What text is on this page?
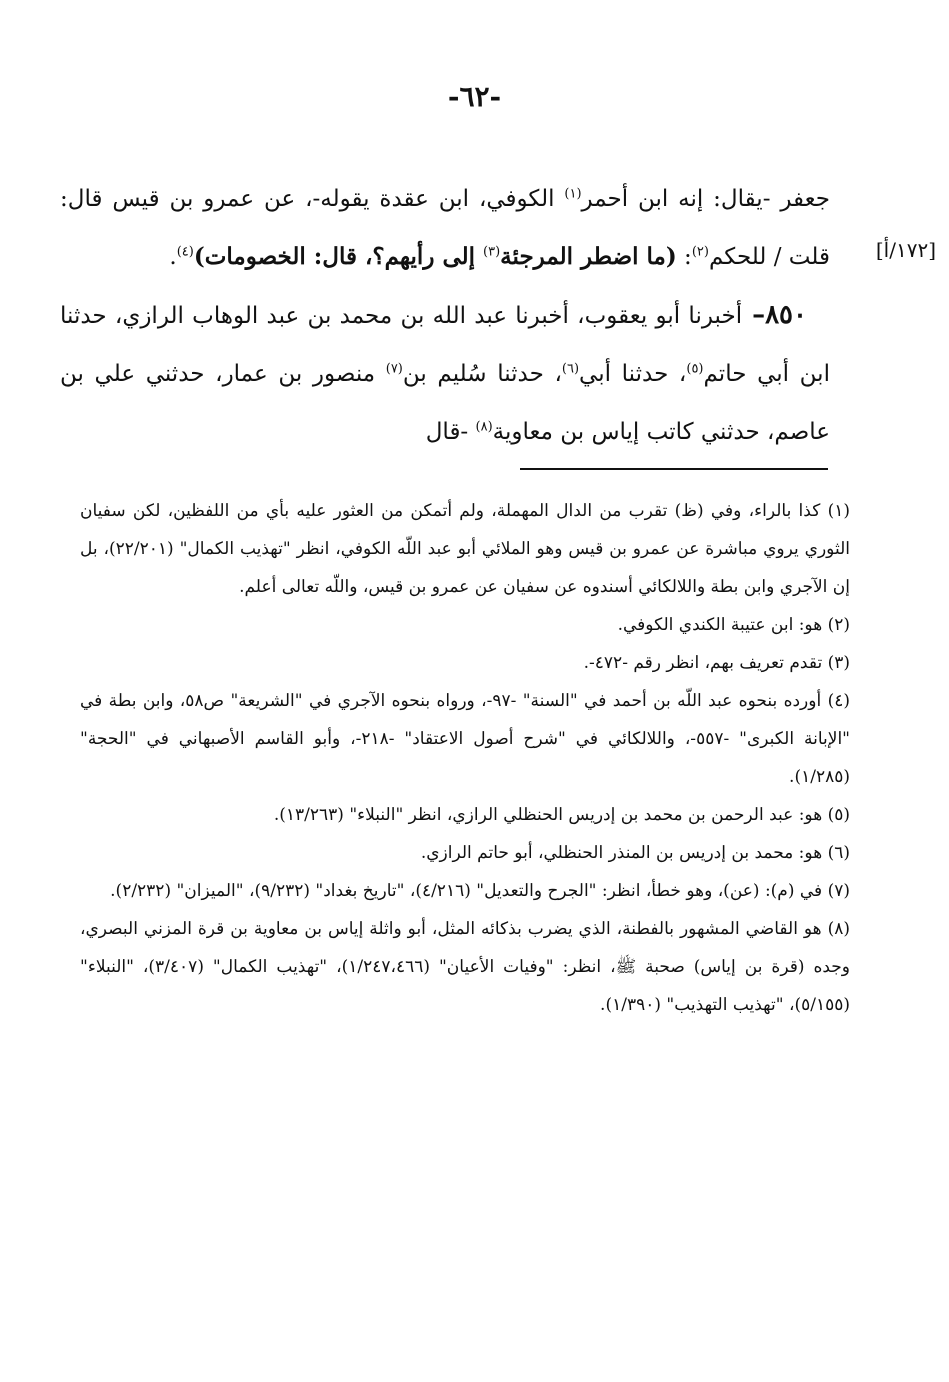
-٦٢-
[١٧٢/أ]

جعفر -يقال: إنه ابن أحمر$^{(١)}$ الكوفي، ابن عقدة يقوله-، عن عمرو بن قيس قال: قلت / للحكم$^{(٢)}$: (ما اضطر المرجئة$^{(٣)}$ إلى رأيهم؟، قال: الخصومات)$^{(٤)}$.

 ٨٥٠– أخبرنا أبو يعقوب، أخبرنا عبد الله بن محمد بن عبد الوهاب الرازي، حدثنا ابن أبي حاتم$^{(٥)}$، حدثنا أبي$^{(٦)}$، حدثنا سُليم بن$^{(٧)}$ منصور بن عمار، حدثني علي بن عاصم، حدثني كاتب إياس بن معاوية$^{(٨)}$ -قال

(١) كذا بالراء، وفي (ظ) تقرب من الدال المهملة، ولم أتمكن من العثور عليه بأي من اللفظين، لكن سفيان الثوري يروي مباشرة عن عمرو بن قيس وهو الملائي أبو عبد اللّه الكوفي، انظر "تهذيب الكمال" (٢٢/٢٠١)، بل إن الآجري وابن بطة واللالكائي أسندوه عن سفيان عن عمرو بن قيس، واللّه تعالى أعلم.

(٢) هو: ابن عتيبة الكندي الكوفي.

(٣) تقدم تعريف بهم، انظر رقم -٤٧٢-.

(٤) أورده بنحوه عبد اللّه بن أحمد في "السنة" -٩٧-، ورواه بنحوه الآجري في "الشريعة" ص٥٨، وابن بطة في "الإبانة الكبرى" -٥٥٧-، واللالكائي في "شرح أصول الاعتقاد" -٢١٨-، وأبو القاسم الأصبهاني في "الحجة" (١/٢٨٥).

(٥) هو: عبد الرحمن بن محمد بن إدريس الحنظلي الرازي، انظر "النبلاء" (١٣/٢٦٣).

(٦) هو: محمد بن إدريس بن المنذر الحنظلي، أبو حاتم الرازي.

(٧) في (م): (عن)، وهو خطأ، انظر: "الجرح والتعديل" (٤/٢١٦)، "تاريخ بغداد" (٩/٢٣٢)، "الميزان" (٢/٢٣٢).

(٨) هو القاضي المشهور بالفطنة، الذي يضرب بذكائه المثل، أبو واثلة إياس بن معاوية بن قرة المزني البصري، وجده (قرة بن إياس) صحبة ﷺ، انظر: "وفيات الأعيان" (١/٢٤٧،٤٦٦)، "تهذيب الكمال" (٣/٤٠٧)، "النبلاء" (٥/١٥٥)، "تهذيب التهذيب" (١/٣٩٠).
